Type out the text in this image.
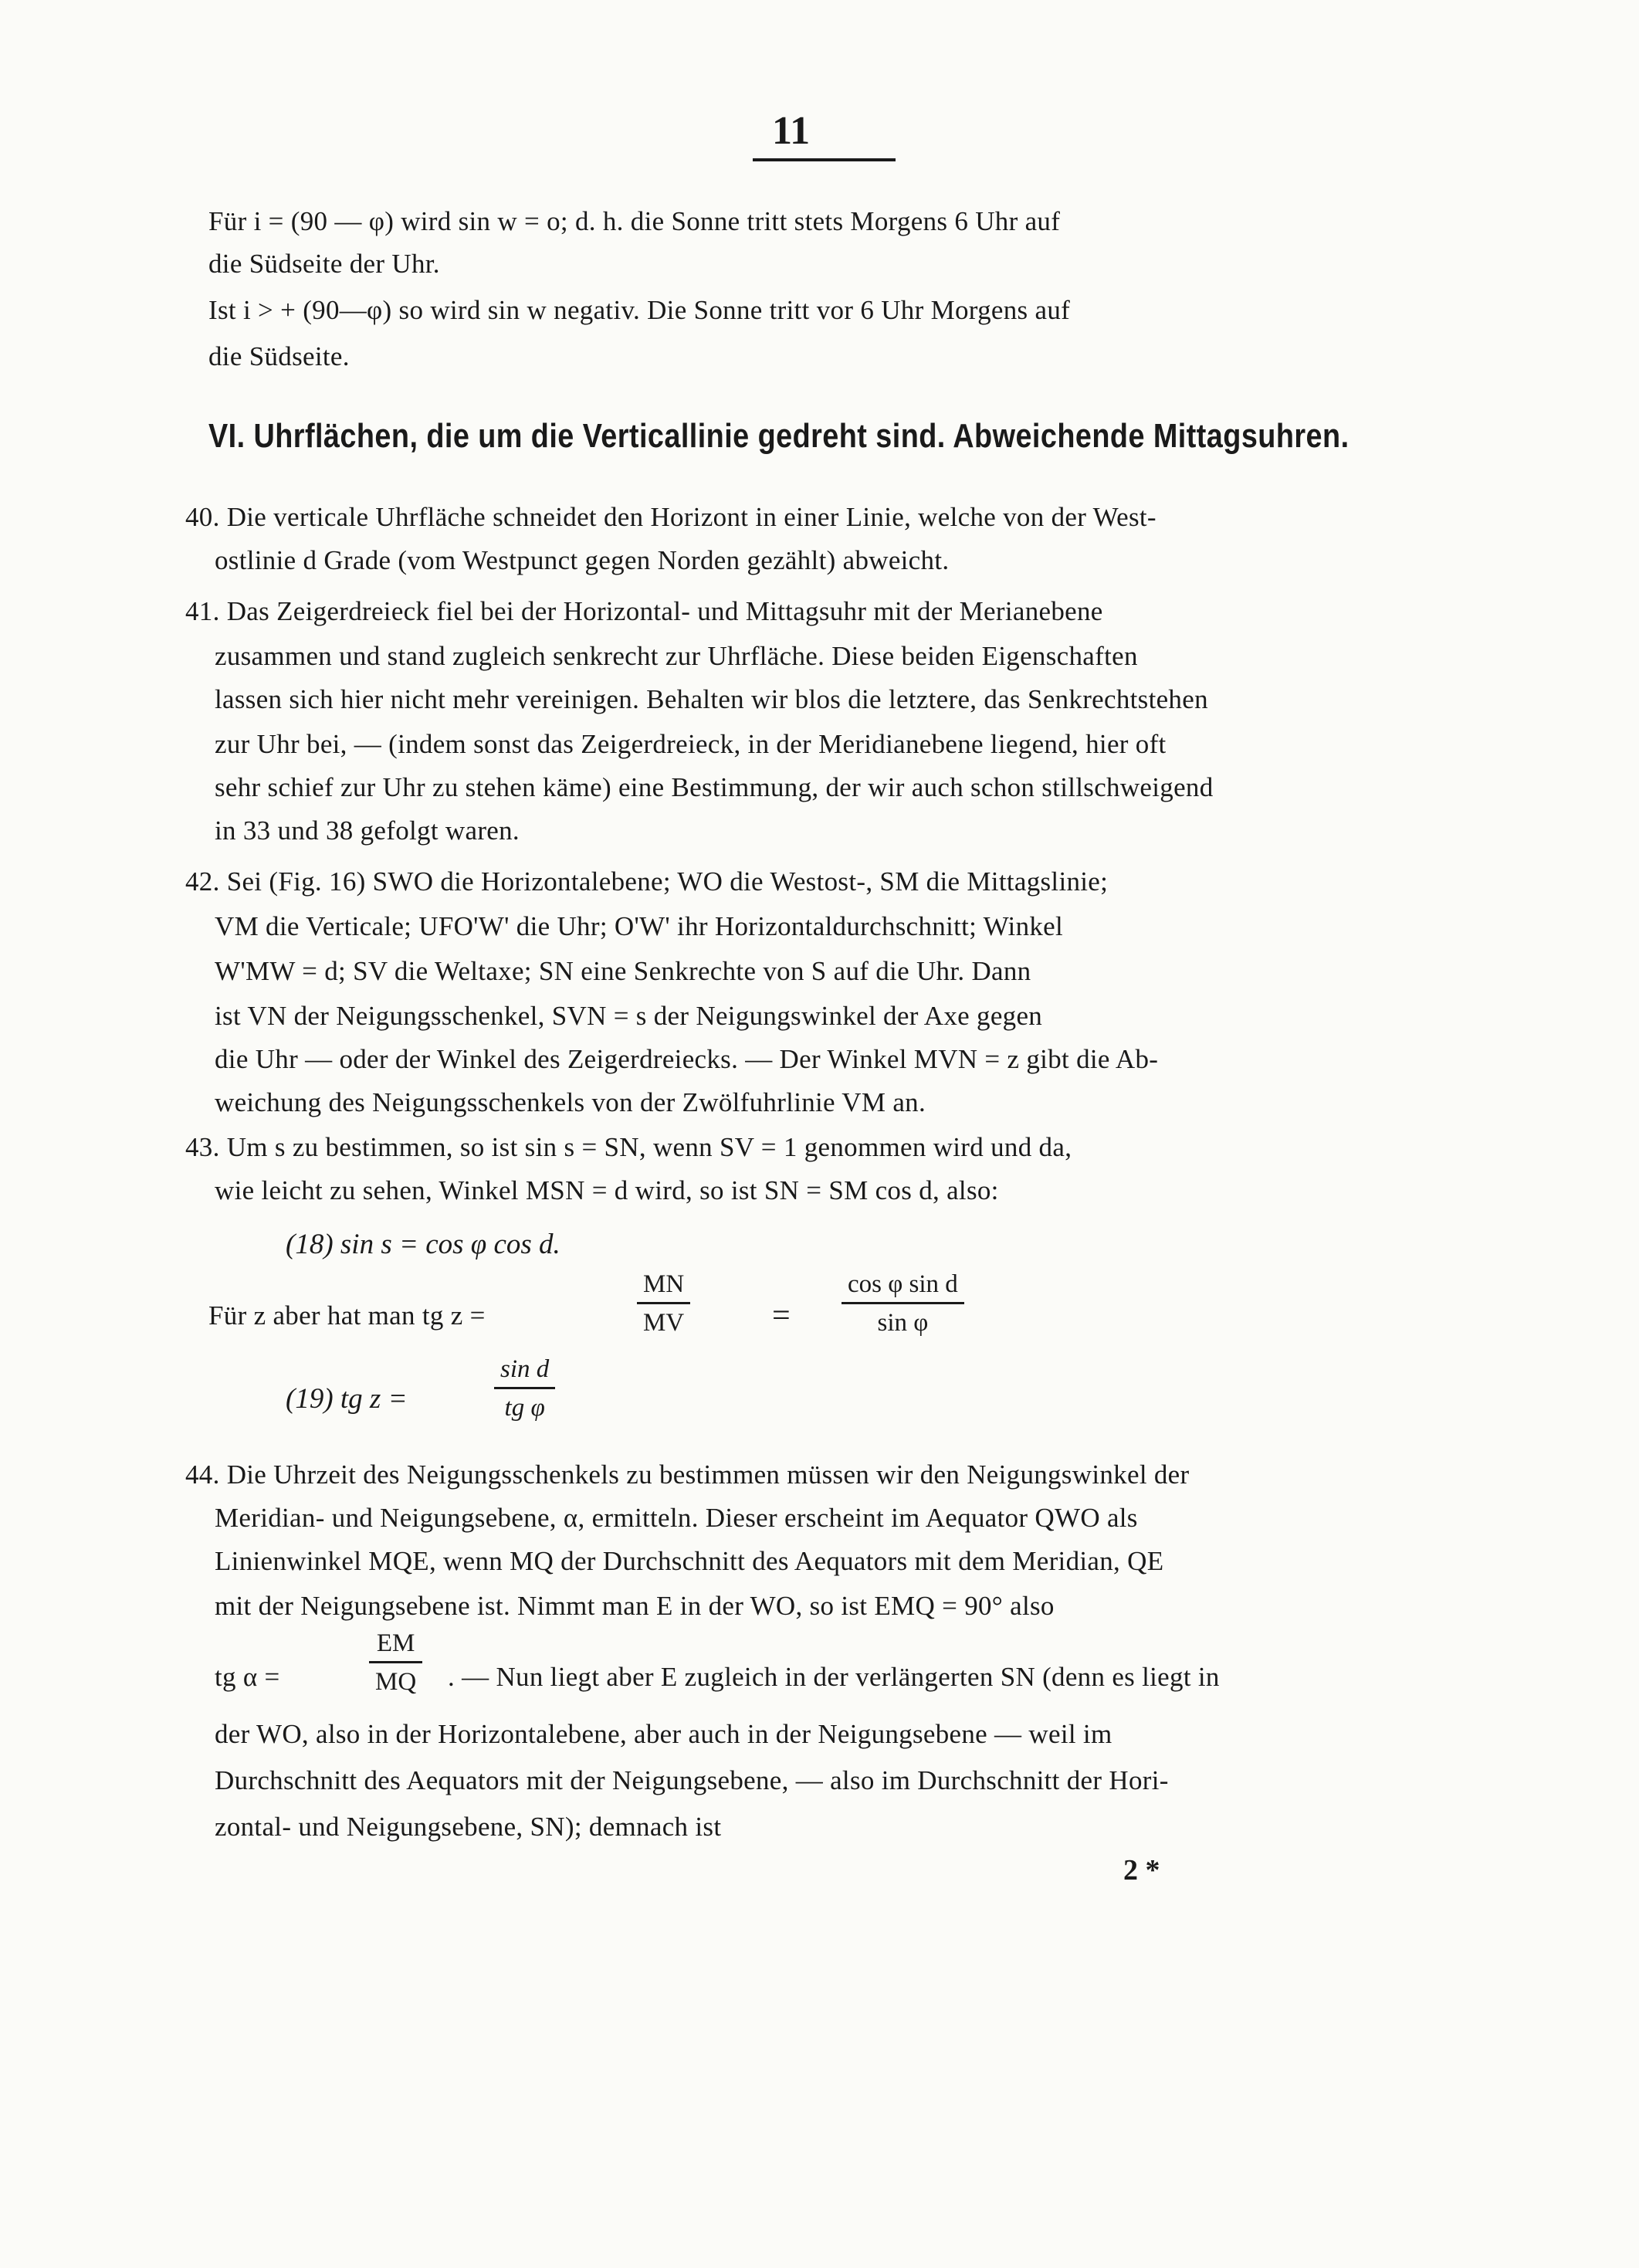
11
Für i = (90 — φ) wird sin w = o; d. h. die Sonne tritt stets Morgens 6 Uhr auf
die Südseite der Uhr.
Ist i > + (90—φ) so wird sin w negativ. Die Sonne tritt vor 6 Uhr Morgens auf
die Südseite.
VI. Uhrflächen, die um die Verticallinie gedreht sind. Abweichende Mittagsuhren.
40. Die verticale Uhrfläche schneidet den Horizont in einer Linie, welche von der West-
ostlinie d Grade (vom Westpunct gegen Norden gezählt) abweicht.
41. Das Zeigerdreieck fiel bei der Horizontal- und Mittagsuhr mit der Merianebene
zusammen und stand zugleich senkrecht zur Uhrfläche. Diese beiden Eigenschaften
lassen sich hier nicht mehr vereinigen. Behalten wir blos die letztere, das Senkrechtstehen
zur Uhr bei, — (indem sonst das Zeigerdreieck, in der Meridianebene liegend, hier oft
sehr schief zur Uhr zu stehen käme) eine Bestimmung, der wir auch schon stillschweigend
in 33 und 38 gefolgt waren.
42. Sei (Fig. 16) SWO die Horizontalebene; WO die Westost-, SM die Mittagslinie;
VM die Verticale; UFO'W' die Uhr; O'W' ihr Horizontaldurchschnitt; Winkel
W'MW = d; SV die Weltaxe; SN eine Senkrechte von S auf die Uhr. Dann
ist VN der Neigungsschenkel, SVN = s der Neigungswinkel der Axe gegen
die Uhr — oder der Winkel des Zeigerdreiecks. — Der Winkel MVN = z gibt die Ab-
weichung des Neigungsschenkels von der Zwölfuhrlinie VM an.
43. Um s zu bestimmen, so ist sin s = SN, wenn SV = 1 genommen wird und da,
wie leicht zu sehen, Winkel MSN = d wird, so ist SN = SM cos d, also:
(18) sin s = cos φ cos d.
Für z aber hat man tg z =	$\frac{MN}{MV}$	= $\frac{\text{cos φ sin d}}{\text{sin φ}}$
(19) tg z =	$\frac{\text{sin d}}{\text{tg φ}}$
44. Die Uhrzeit des Neigungsschenkels zu bestimmen müssen wir den Neigungswinkel der
Meridian- und Neigungsebene, α, ermitteln. Dieser erscheint im Aequator QWO als
Linienwinkel MQE, wenn MQ der Durchschnitt des Aequators mit dem Meridian, QE
mit der Neigungsebene ist. Nimmt man E in der WO, so ist EMQ = 90° also
tg α =	$\frac{EM}{MQ}$ . — Nun liegt aber E zugleich in der verlängerten SN (denn es liegt in
der WO, also in der Horizontalebene, aber auch in der Neigungsebene — weil im
Durchschnitt des Aequators mit der Neigungsebene, — also im Durchschnitt der Hori-
zontal- und Neigungsebene, SN); demnach ist
2 *
